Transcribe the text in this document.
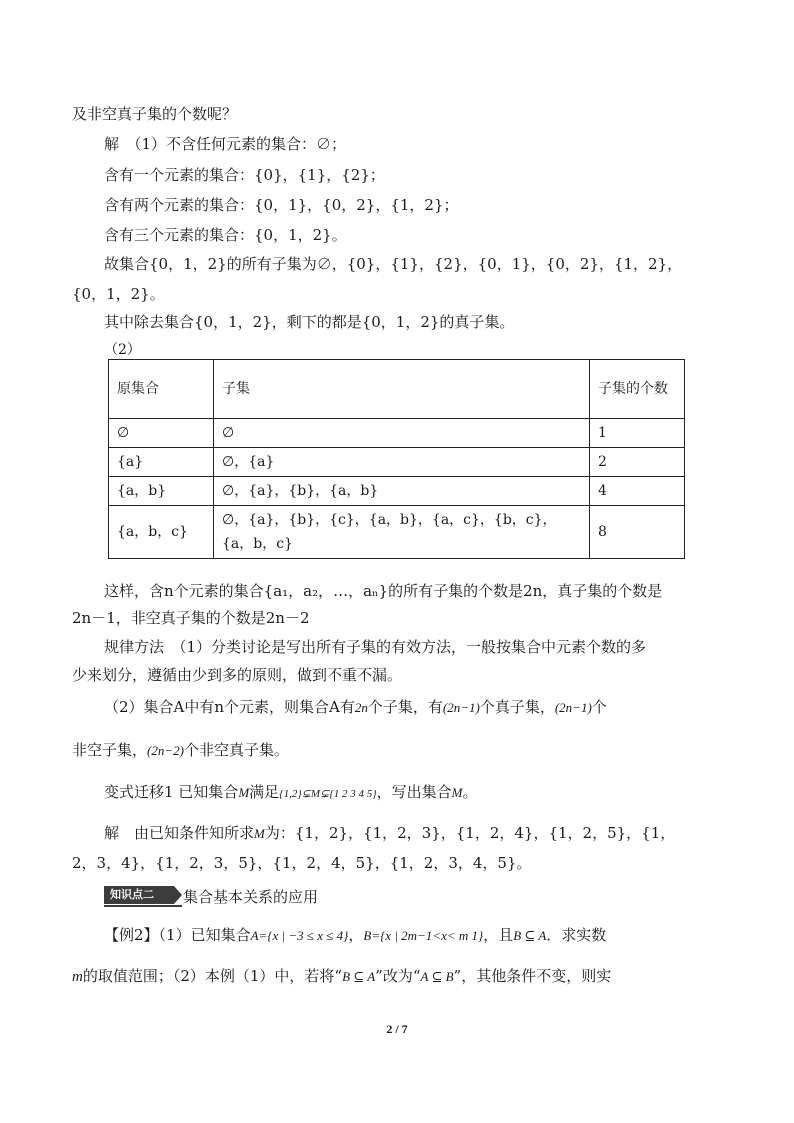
及非空真子集的个数呢？
解　（1）不含任何元素的集合：∅；
含有一个元素的集合：{0}，{1}，{2}；
含有两个元素的集合：{0，1}，{0，2}，{1，2}；
含有三个元素的集合：{0，1，2}。
故集合{0，1，2}的所有子集为∅，{0}，{1}，{2}，{0，1}，{0，2}，{1，2}，
{0，1，2}。
其中除去集合{0，1，2}，剩下的都是{0，1，2}的真子集。
（2）
原集合	子集	子集的个数
∅	∅	1
{a}	∅，{a}	2
{a，b}	∅，{a}，{b}，{a，b}	4
{a，b，c}	∅，{a}，{b}，{c}，{a，b}，{a，c}，{b，c}，{a，b，c}	8
这样，含n个元素的集合{a₁，a₂，…，aₙ}的所有子集的个数是2n，真子集的个数是
2n－1，非空真子集的个数是2n－2
规律方法　（1）分类讨论是写出所有子集的有效方法，一般按集合中元素个数的多
少来划分，遵循由少到多的原则，做到不重不漏。
（2）集合A中有n个元素，则集合A有2n个子集，有(2n−1)个真子集，(2n−1)个
非空子集，(2n−2)个非空真子集。
变式迁移1 已知集合M满足{1,2}⊊M⊊{1 2 3 4 5}，写出集合M。
解　由已知条件知所求M为：{1，2}，{1，2，3}，{1，2，4}，{1，2，5}，{1，
2，3，4}，{1，2，3，5}，{1，2，4，5}，{1，2，3，4，5}。
知识点二	集合基本关系的应用
【例2】（1）已知集合A={x | −3 ≤ x ≤ 4}，B={x | 2m−1<x< m 1}，且B ⊆ A．求实数
m的取值范围；（2）本例（1）中，若将“B ⊆ A”改为“A ⊆ B”，其他条件不变，则实
2 / 7
